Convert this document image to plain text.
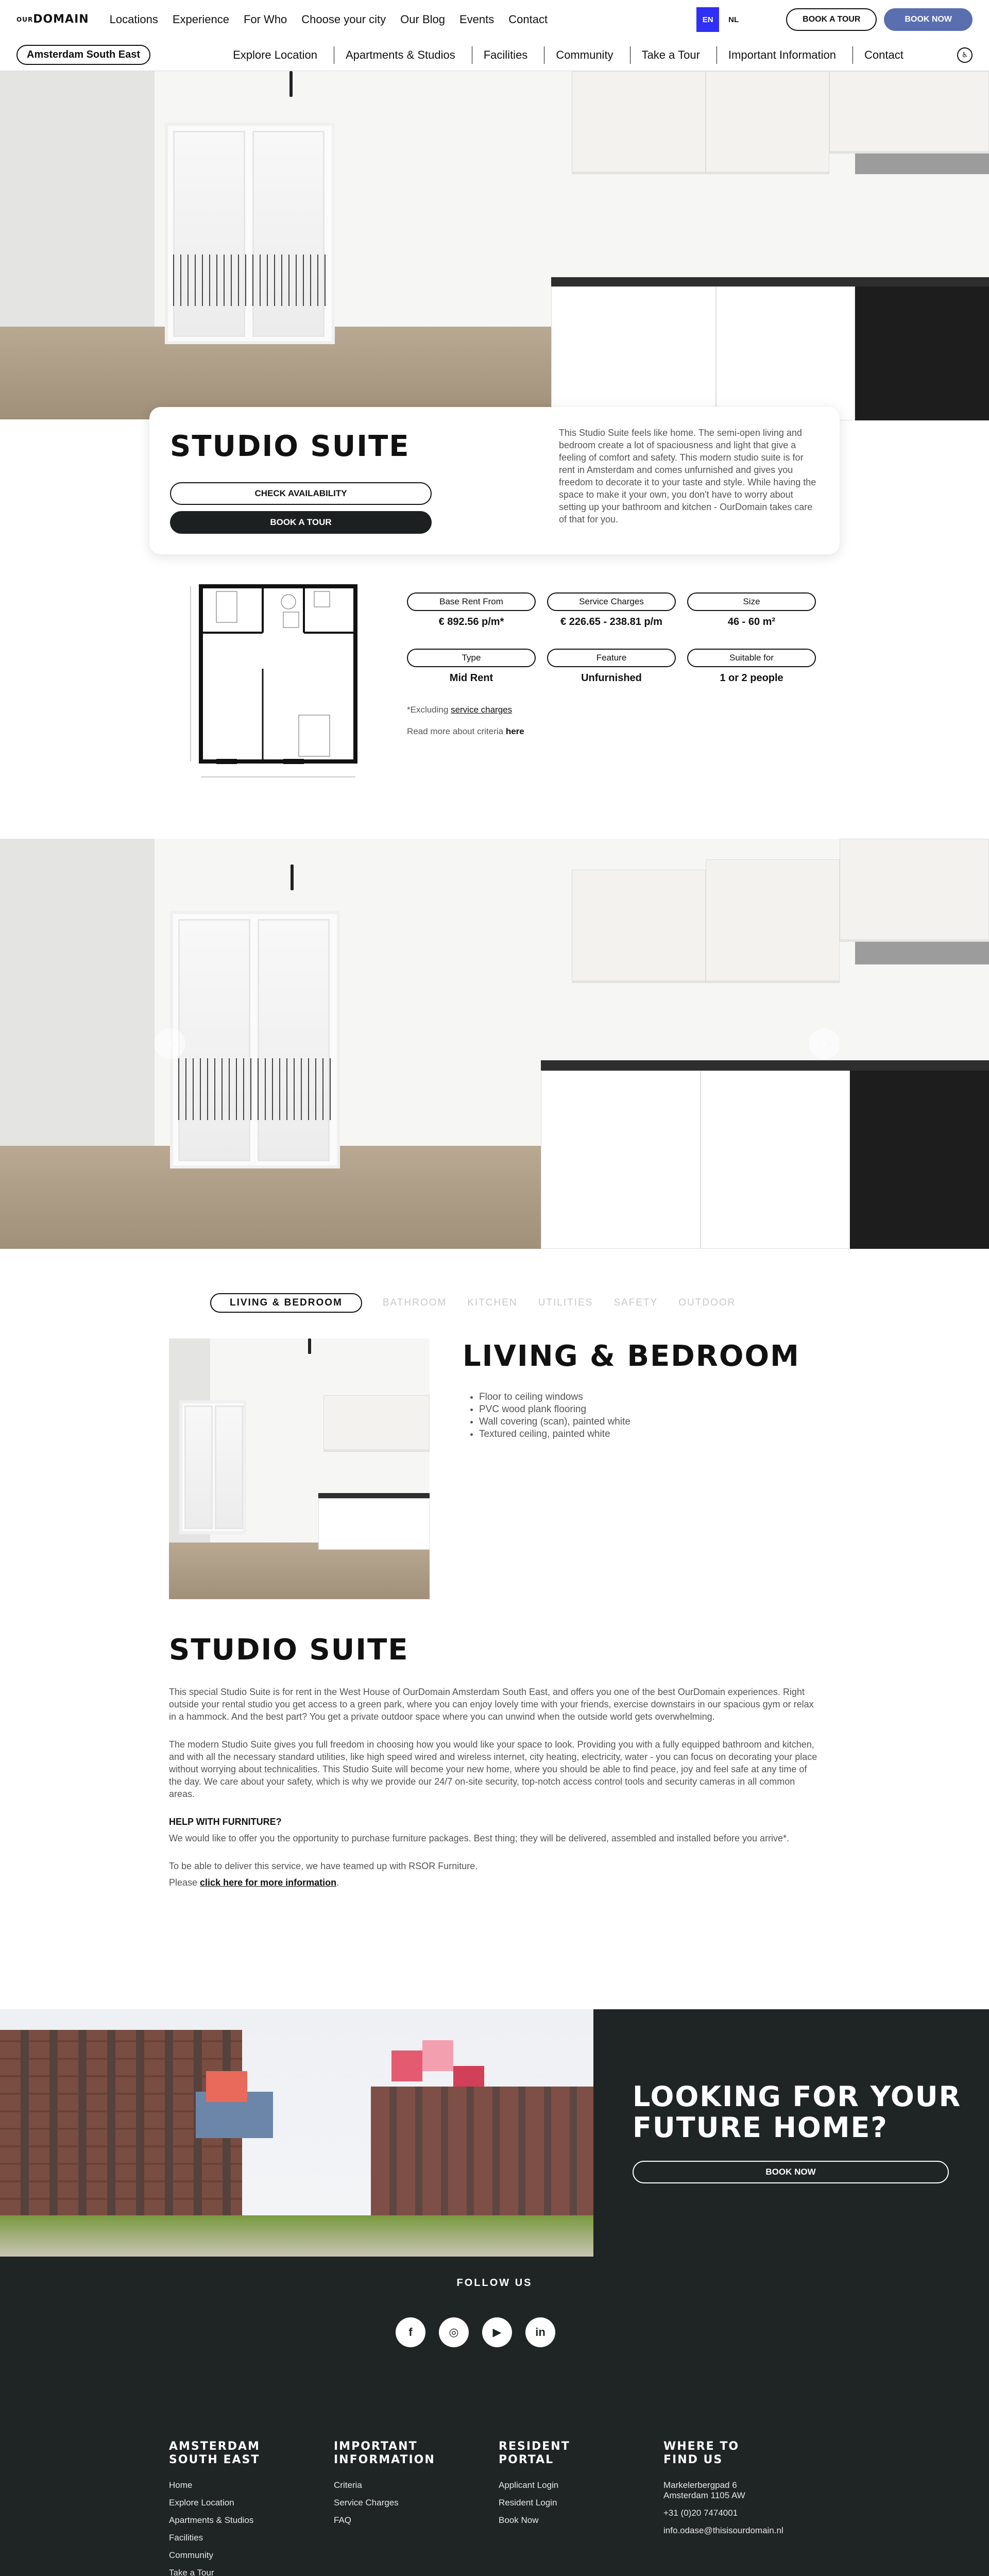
OUR DOMAIN Locations Experience For Who Choose your city Our Blog Events Contact	EN	NL	BOOK A TOUR	BOOK NOW
Amsterdam South East	Explore Location	Apartments & Studios	Facilities	Community	Take a Tour	Important Information	Contact	♿
STUDIO SUITE
CHECK AVAILABILITY
BOOK A TOUR

This Studio Suite feels like home. The semi-open living and bedroom create a lot of spaciousness and light that give a feeling of comfort and safety. This modern studio suite is for rent in Amsterdam and comes unfurnished and gives you freedom to decorate it to your taste and style. While having the space to make it your own, you don't have to worry about setting up your bathroom and kitchen - OurDomain takes care of that for you.

Base Rent From
€ 892.56 p/m*
Service Charges
€ 226.65 - 238.81 p/m
Size
46 - 60 m²
Type
Mid Rent
Feature
Unfurnished
Suitable for
1 or 2 people
*Excluding service charges
Read more about criteria here
‹	›
LIVING & BEDROOM	BATHROOM KITCHEN UTILITIES SAFETY OUTDOOR
LIVING & BEDROOM
• Floor to ceiling windows
• PVC wood plank flooring
• Wall covering (scan), painted white
• Textured ceiling, painted white
STUDIO SUITE

This special Studio Suite is for rent in the West House of OurDomain Amsterdam South East, and offers you one of the best OurDomain experiences. Right outside your rental studio you get access to a green park, where you can enjoy lovely time with your friends, exercise downstairs in our spacious gym or relax in a hammock. And the best part? You get a private outdoor space where you can unwind when the outside world gets overwhelming.

The modern Studio Suite gives you full freedom in choosing how you would like your space to look. Providing you with a fully equipped bathroom and kitchen, and with all the necessary standard utilities, like high speed wired and wireless internet, city heating, electricity, water - you can focus on decorating your place without worrying about technicalities. This Studio Suite will become your new home, where you should be able to find peace, joy and feel safe at any time of the day. We care about your safety, which is why we provide our 24/7 on-site security, top-notch access control tools and security cameras in all common areas.

HELP WITH FURNITURE?

We would like to offer you the opportunity to purchase furniture packages. Best thing; they will be delivered, assembled and installed before you arrive*.

To be able to deliver this service, we have teamed up with RSOR Furniture.

Please click here for more information.

LOOKING FOR YOUR
FUTURE HOME?
BOOK NOW
FOLLOW US
f	◎	▶	in
AMSTERDAM
SOUTH EAST
Home
Explore Location
Apartments & Studios
Facilities
Community
Take a Tour
IMPORTANT
INFORMATION
Criteria
Service Charges
FAQ
RESIDENT
PORTAL
Applicant Login
Resident Login
Book Now
WHERE TO
FIND US
Markelerbergpad 6
Amsterdam 1105 AW
+31 (0)20 7474001
info.odase@thisisourdomain.nl
